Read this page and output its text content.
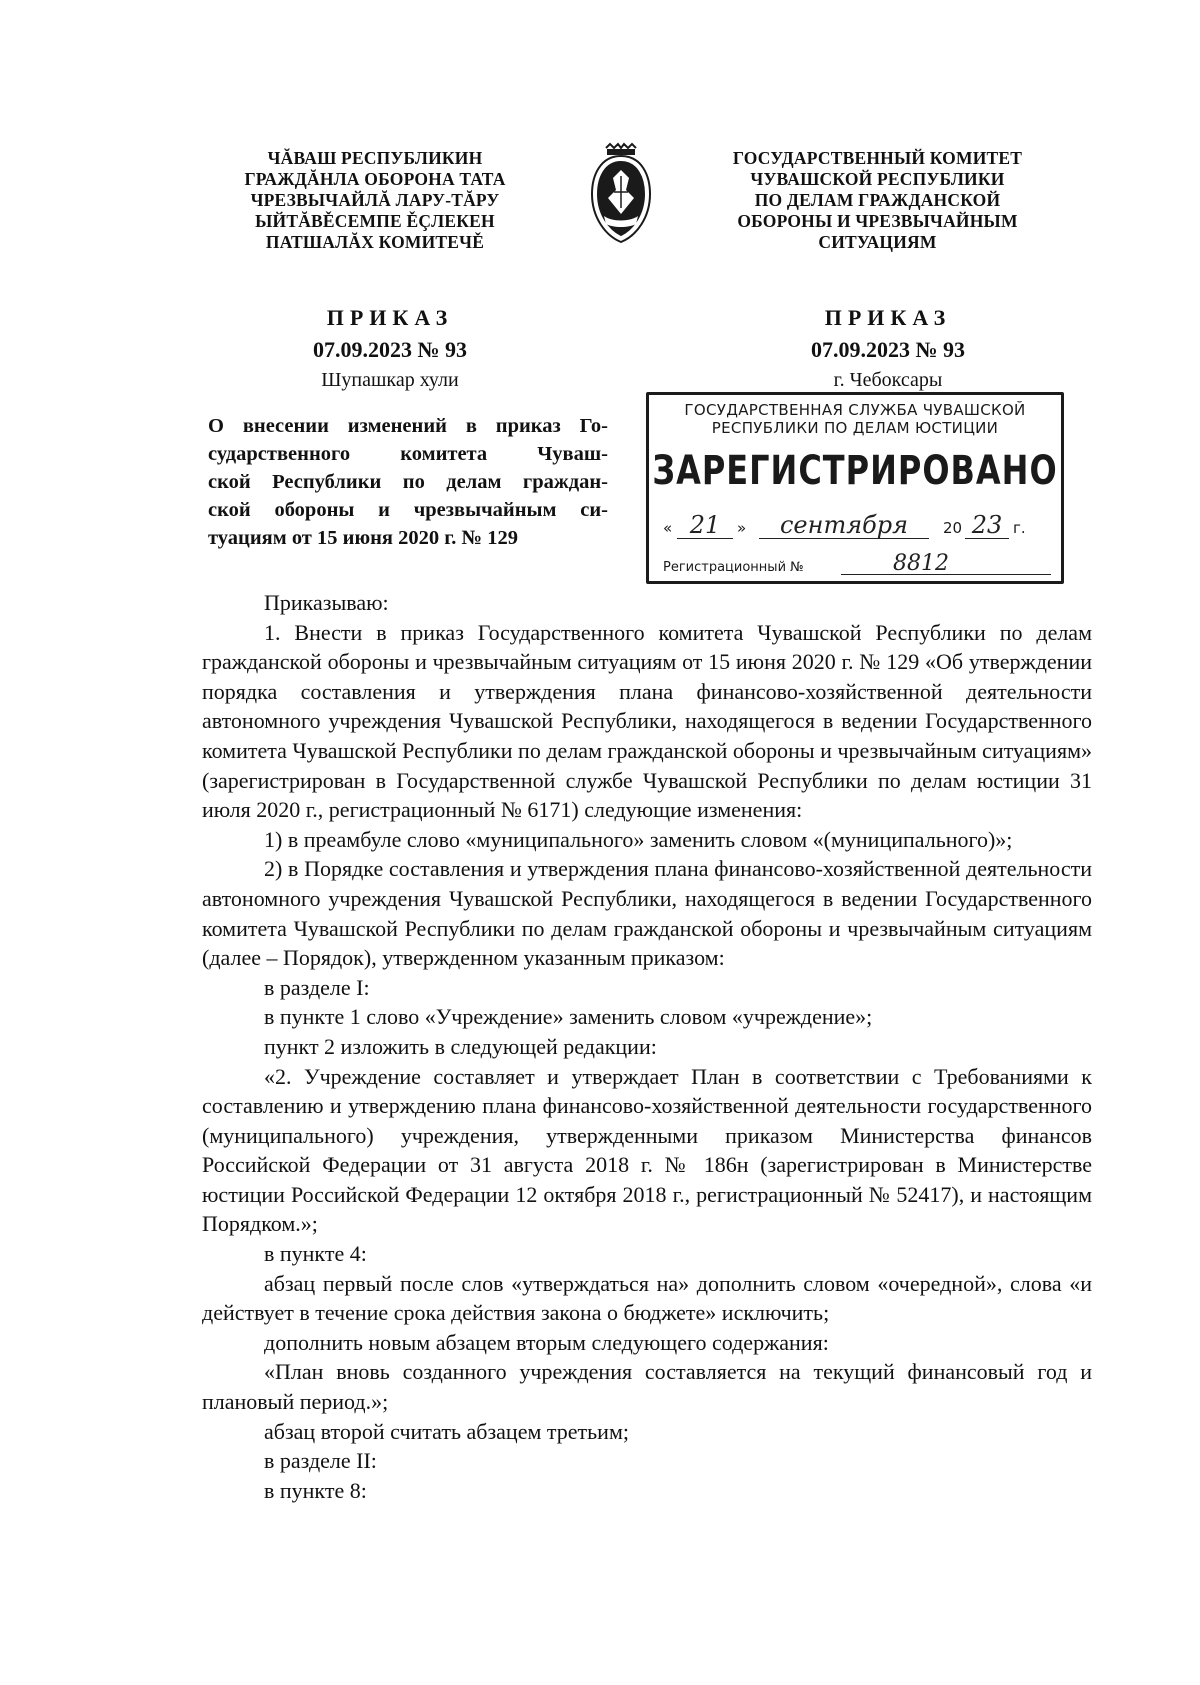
ЧĂВАШ РЕСПУБЛИКИН
ГРАЖДĂНЛА ОБОРОНА ТАТА
ЧРЕЗВЫЧАЙЛĂ ЛАРУ-ТĂРУ
ЫЙТĂВĚСЕМПЕ ĚÇЛЕКЕН
ПАТШАЛĂХ КОМИТЕЧĚ
ГОСУДАРСТВЕННЫЙ КОМИТЕТ
ЧУВАШСКОЙ РЕСПУБЛИКИ
ПО ДЕЛАМ ГРАЖДАНСКОЙ
ОБОРОНЫ И ЧРЕЗВЫЧАЙНЫМ
СИТУАЦИЯМ
ПРИКАЗ
07.09.2023 № 93
Шупашкар хули
ПРИКАЗ
07.09.2023 № 93
г. Чебоксары
О внесении изменений в приказ Го-
сударственного комитета Чуваш-
ской Республики по делам граждан-
ской обороны и чрезвычайным си-
туациям от 15 июня 2020 г. № 129
ГОСУДАРСТВЕННАЯ СЛУЖБА ЧУВАШСКОЙ
РЕСПУБЛИКИ ПО ДЕЛАМ ЮСТИЦИИ
ЗАРЕГИСТРИРОВАНО
« 21	»	сентября	20 23 г.
Регистрационный №	8812

Приказываю:

1. Внести в приказ Государственного комитета Чувашской Республики по делам гражданской обороны и чрезвычайным ситуациям от 15 июня 2020 г. № 129 «Об утверждении порядка составления и утверждения плана финансово-хозяйственной деятельности автономного учреждения Чувашской Республики, находящегося в ведении Государственного комитета Чувашской Республики по делам гражданской обороны и чрезвычайным ситуациям» (зарегистрирован в Государственной службе Чувашской Республики по делам юстиции 31 июля 2020 г., регистрационный № 6171) следующие изменения:

1) в преамбуле слово «муниципального» заменить словом «(муниципального)»;

2) в Порядке составления и утверждения плана финансово-хозяйственной деятельности автономного учреждения Чувашской Республики, находящегося в ведении Государственного комитета Чувашской Республики по делам гражданской обороны и чрезвычайным ситуациям (далее – Порядок), утвержденном указанным приказом:

в разделе I:

в пункте 1 слово «Учреждение» заменить словом «учреждение»;

пункт 2 изложить в следующей редакции:

«2. Учреждение составляет и утверждает План в соответствии с Требованиями к составлению и утверждению плана финансово-хозяйственной деятельности государственного (муниципального) учреждения, утвержденными приказом Министерства финансов Российской Федерации от 31 августа 2018 г. № 186н (зарегистрирован в Министерстве юстиции Российской Федерации 12 октября 2018 г., регистрационный № 52417), и настоящим Порядком.»;

в пункте 4:

абзац первый после слов «утверждаться на» дополнить словом «очередной», слова «и действует в течение срока действия закона о бюджете» исключить;

дополнить новым абзацем вторым следующего содержания:

«План вновь созданного учреждения составляется на текущий финансовый год и плановый период.»;

абзац второй считать абзацем третьим;

в разделе II:

в пункте 8:
